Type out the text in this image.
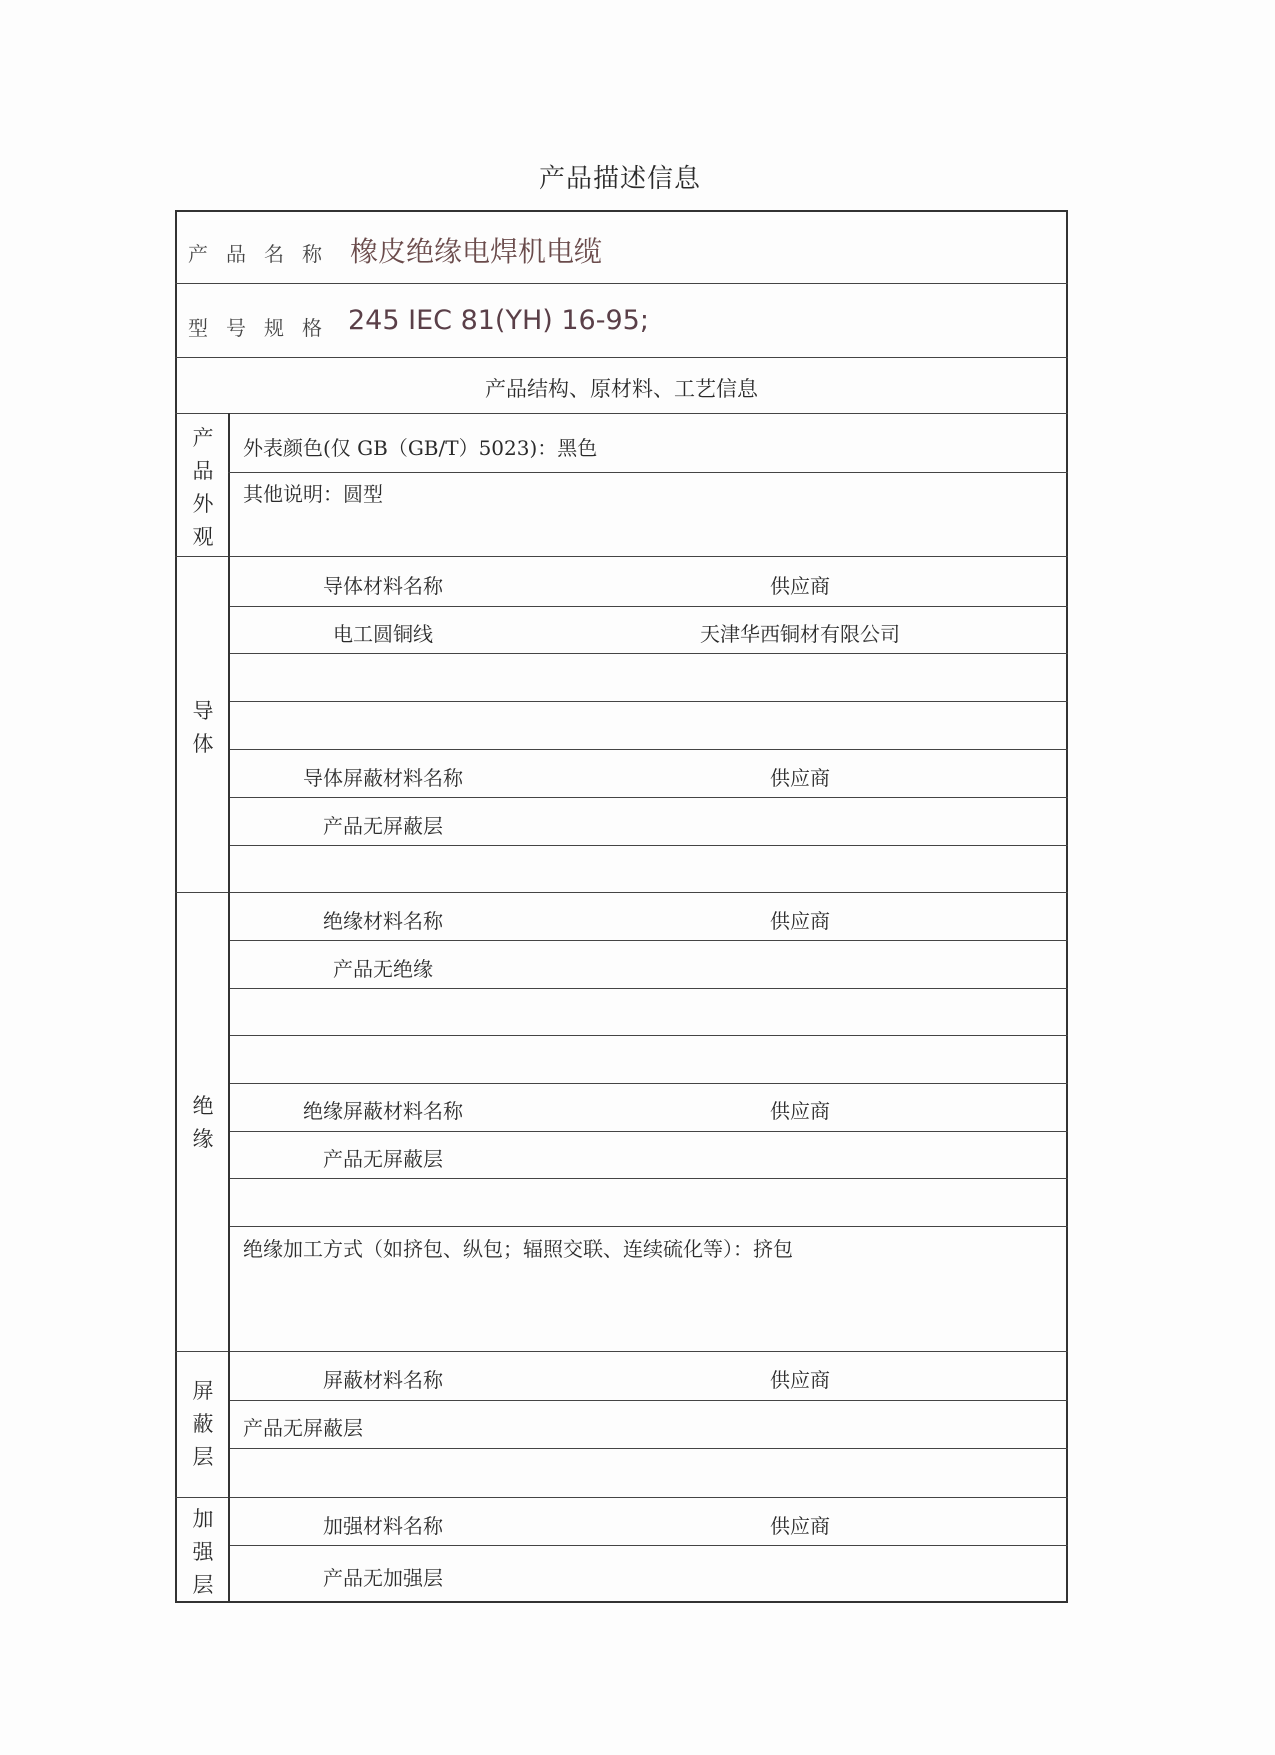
产品描述信息
产品名称 橡皮绝缘电焊机电缆
型号规格 245 IEC 81(YH) 16-95;
产品结构、原材料、工艺信息
产品外观
外表颜色(仅 GB（GB/T）5023)：黑色
其他说明：圆型
导体
导体材料名称	供应商
电工圆铜线	天津华西铜材有限公司
导体屏蔽材料名称	供应商
产品无屏蔽层
绝缘
绝缘材料名称	供应商
产品无绝缘
绝缘屏蔽材料名称	供应商
产品无屏蔽层
绝缘加工方式（如挤包、纵包；辐照交联、连续硫化等）：挤包
屏蔽层
屏蔽材料名称	供应商
产品无屏蔽层
加强层
加强材料名称	供应商
产品无加强层
